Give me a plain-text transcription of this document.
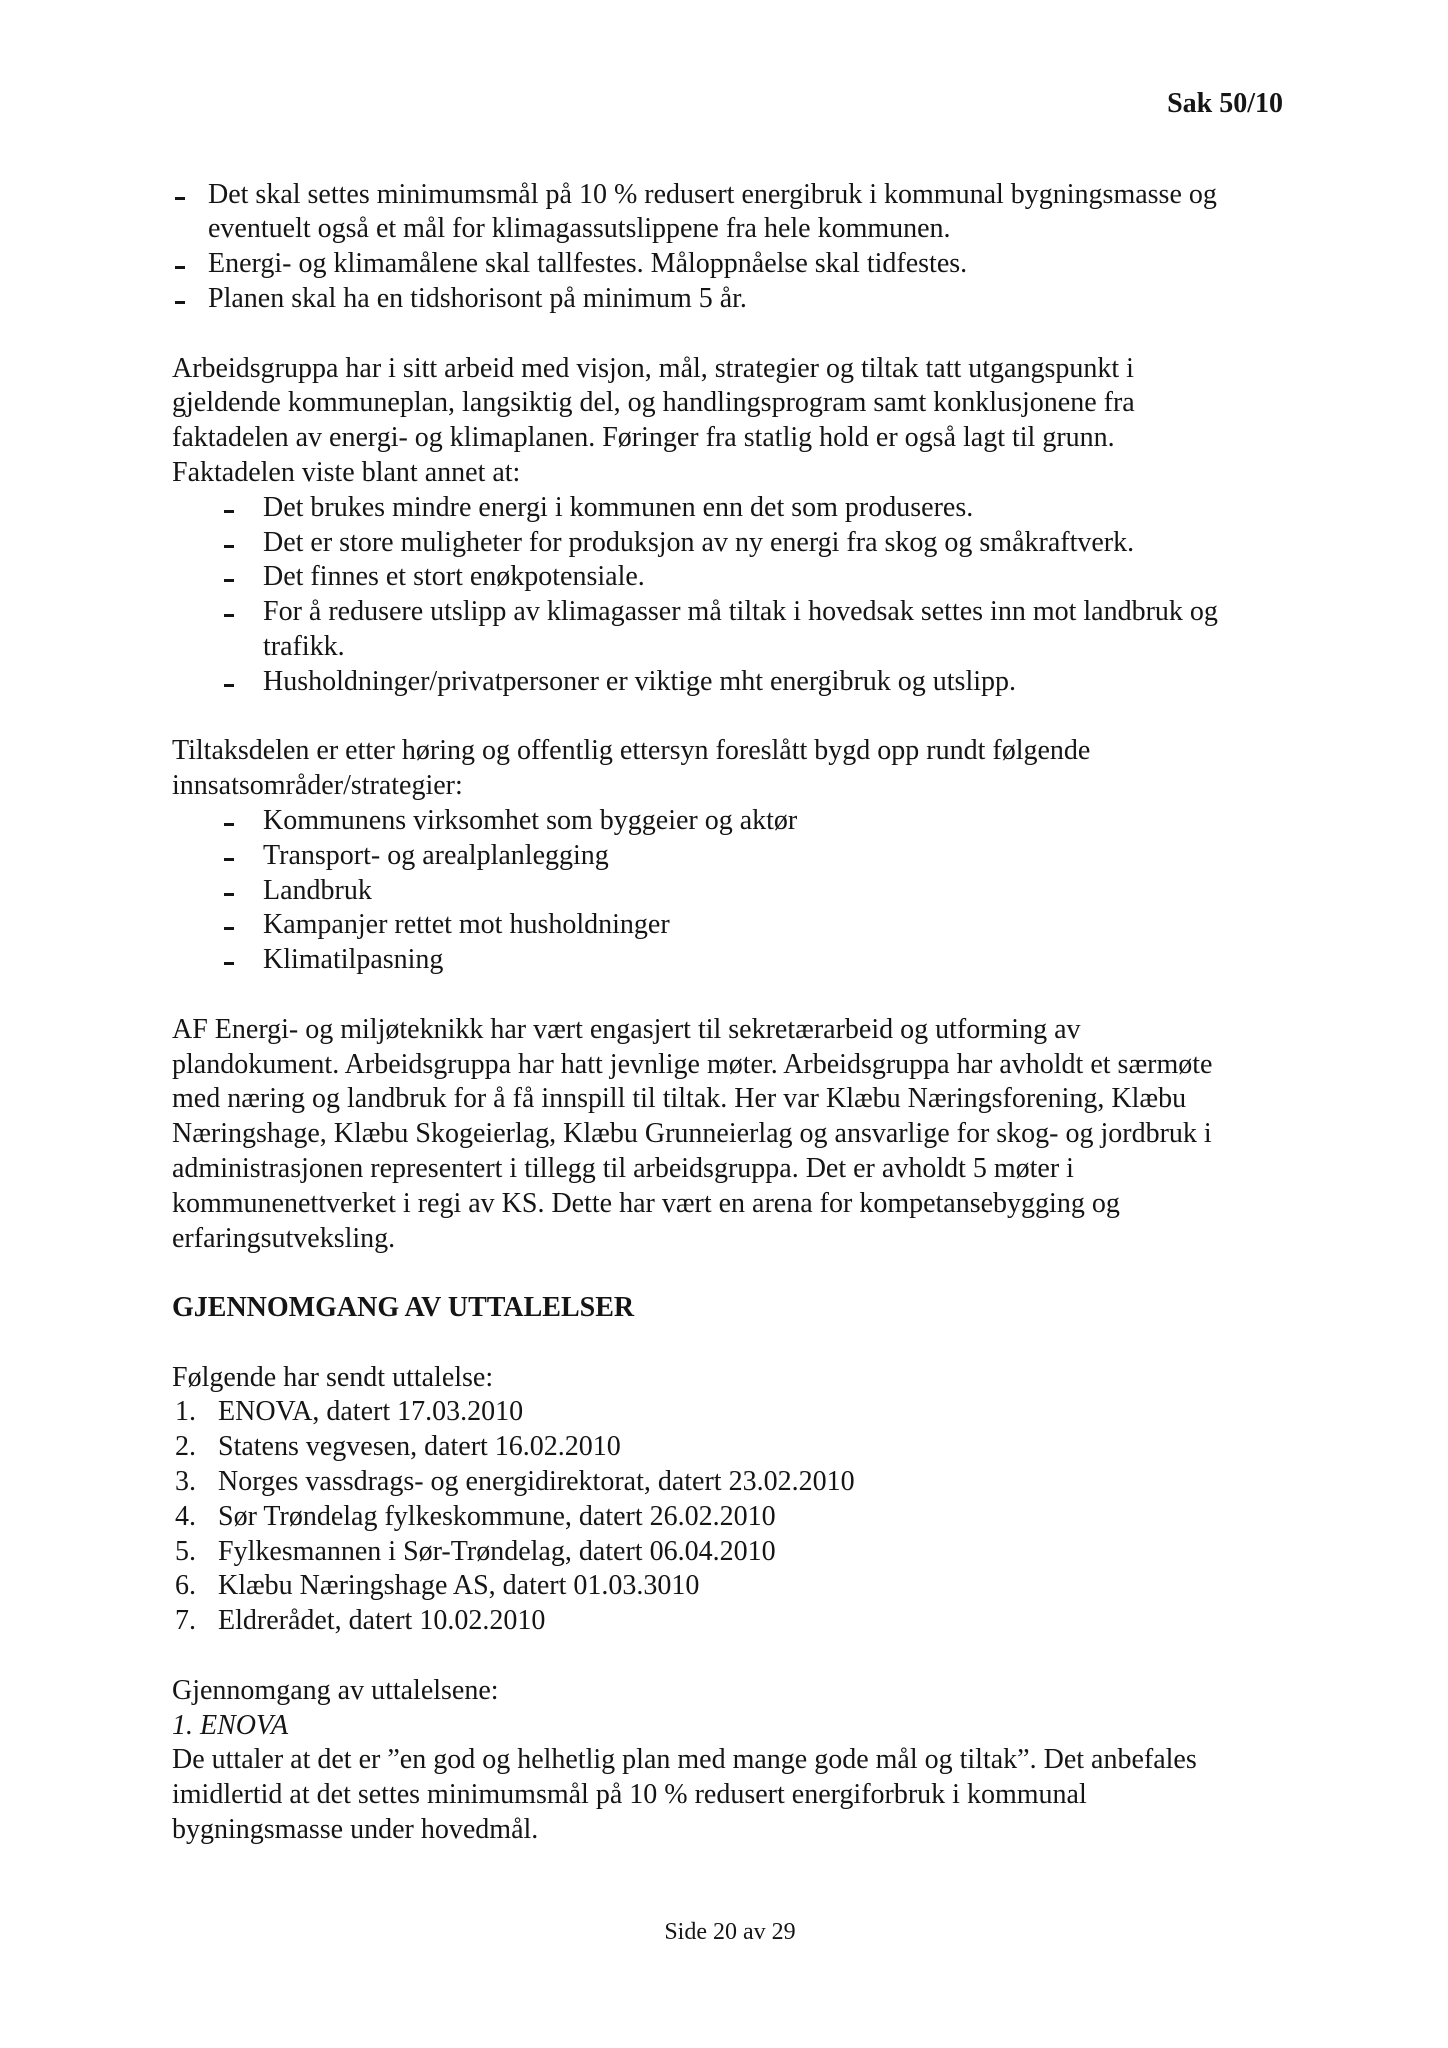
Sak 50/10
Det skal settes minimumsmål på 10 % redusert energibruk i kommunal bygningsmasse og
eventuelt også et mål for klimagassutslippene fra hele kommunen.
Energi- og klimamålene skal tallfestes. Måloppnåelse skal tidfestes.
Planen skal ha en tidshorisont på minimum 5 år.
Arbeidsgruppa har i sitt arbeid med visjon, mål, strategier og tiltak tatt utgangspunkt i
gjeldende kommuneplan, langsiktig del, og handlingsprogram samt konklusjonene fra
faktadelen av energi- og klimaplanen. Føringer fra statlig hold er også lagt til grunn.
Faktadelen viste blant annet at:
Det brukes mindre energi i kommunen enn det som produseres.
Det er store muligheter for produksjon av ny energi fra skog og småkraftverk.
Det finnes et stort enøkpotensiale.
For å redusere utslipp av klimagasser må tiltak i hovedsak settes inn mot landbruk og
trafikk.
Husholdninger/privatpersoner er viktige mht energibruk og utslipp.
Tiltaksdelen er etter høring og offentlig ettersyn foreslått bygd opp rundt følgende
innsatsområder/strategier:
Kommunens virksomhet som byggeier og aktør
Transport- og arealplanlegging
Landbruk
Kampanjer rettet mot husholdninger
Klimatilpasning
AF Energi- og miljøteknikk har vært engasjert til sekretærarbeid og utforming av
plandokument. Arbeidsgruppa har hatt jevnlige møter. Arbeidsgruppa har avholdt et særmøte
med næring og landbruk for å få innspill til tiltak. Her var Klæbu Næringsforening, Klæbu
Næringshage, Klæbu Skogeierlag, Klæbu Grunneierlag og ansvarlige for skog- og jordbruk i
administrasjonen representert i tillegg til arbeidsgruppa. Det er avholdt 5 møter i
kommunenettverket i regi av KS. Dette har vært en arena for kompetansebygging og
erfaringsutveksling.
GJENNOMGANG AV UTTALELSER
Følgende har sendt uttalelse:
1. ENOVA, datert 17.03.2010
2. Statens vegvesen, datert 16.02.2010
3. Norges vassdrags- og energidirektorat, datert 23.02.2010
4. Sør Trøndelag fylkeskommune, datert 26.02.2010
5. Fylkesmannen i Sør-Trøndelag, datert 06.04.2010
6. Klæbu Næringshage AS, datert 01.03.3010
7. Eldrerådet, datert 10.02.2010
Gjennomgang av uttalelsene:
1. ENOVA
De uttaler at det er ”en god og helhetlig plan med mange gode mål og tiltak”. Det anbefales
imidlertid at det settes minimumsmål på 10 % redusert energiforbruk i kommunal
bygningsmasse under hovedmål.
Side 20 av 29
